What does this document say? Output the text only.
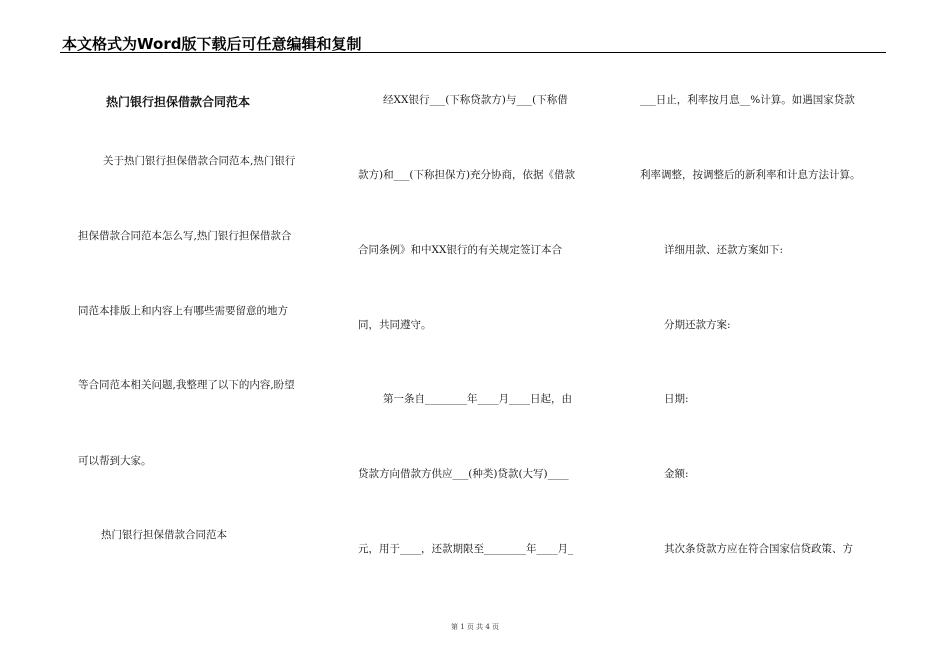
本文格式为Word版下载后可任意编辑和复制
热门银行担保借款合同范本
关于热门银行担保借款合同范本,热门银行
担保借款合同范本怎么写,热门银行担保借款合
同范本排版上和内容上有哪些需要留意的地方
等合同范本相关问题,我整理了以下的内容,盼望
可以帮到大家。
热门银行担保借款合同范本
经XX银行___(下称贷款方)与___(下称借
款方)和___(下称担保方)充分协商，依据《借款
合同条例》和中XX银行的有关规定签订本合
同，共同遵守。
第一条自________年____月____日起，由
贷款方向借款方供应___(种类)贷款(大写)____
元，用于____，还款期限至________年____月_
___日止，利率按月息__%计算。如遇国家贷款
利率调整，按调整后的新利率和计息方法计算。
详细用款、还款方案如下:
分期还款方案:
日期:
金额:
其次条贷款方应在符合国家信贷政策、方
第 1 页 共 4 页
